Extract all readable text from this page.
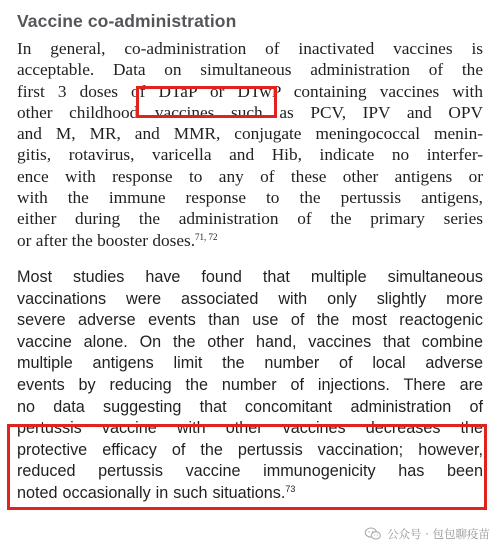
Vaccine co-administration
In general, co-administration of inactivated vaccines is
acceptable. Data on simultaneous administration of the
first 3 doses of DTaP or DTwP containing vaccines with
other childhood vaccines such as PCV, IPV and OPV
and M, MR, and MMR, conjugate meningococcal menin-
gitis, rotavirus, varicella and Hib, indicate no interfer-
ence with response to any of these other antigens or
with the immune response to the pertussis antigens,
either during the administration of the primary series
or after the booster doses.$^{71, 72}$
Most studies have found that multiple simultaneous
vaccinations were associated with only slightly more
severe adverse events than use of the most reactogenic
vaccine alone. On the other hand, vaccines that combine
multiple antigens limit the number of local adverse
events by reducing the number of injections. There are
no data suggesting that concomitant administration of
pertussis vaccine with other vaccines decreases the
protective efficacy of the pertussis vaccination; however,
reduced pertussis vaccine immunogenicity has been
noted occasionally in such situations.$^{73}$
公众号 · 包包聊疫苗
